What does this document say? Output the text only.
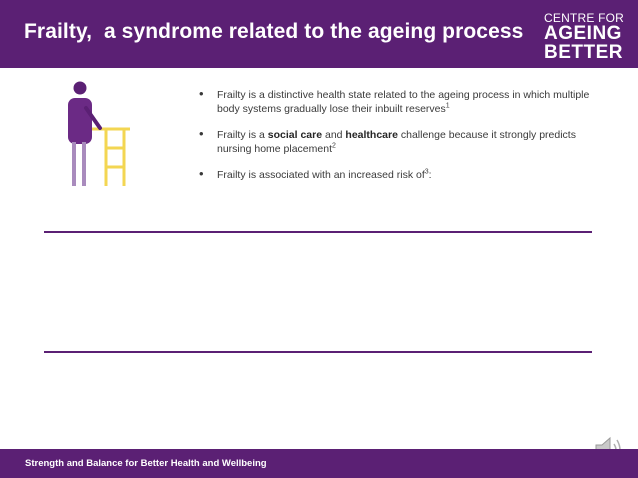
Frailty,  a syndrome related to the ageing process
CENTRE FOR
AGEING
BETTER
• Frailty is a distinctive health state related to the ageing process in which multiple body systems gradually lose their inbuilt reserves$^1$
• Frailty is a social care and healthcare challenge because it strongly predicts nursing home placement$^2$
• Frailty is associated with an increased risk $of^3$:
Strength and Balance for Better Health and Wellbeing
